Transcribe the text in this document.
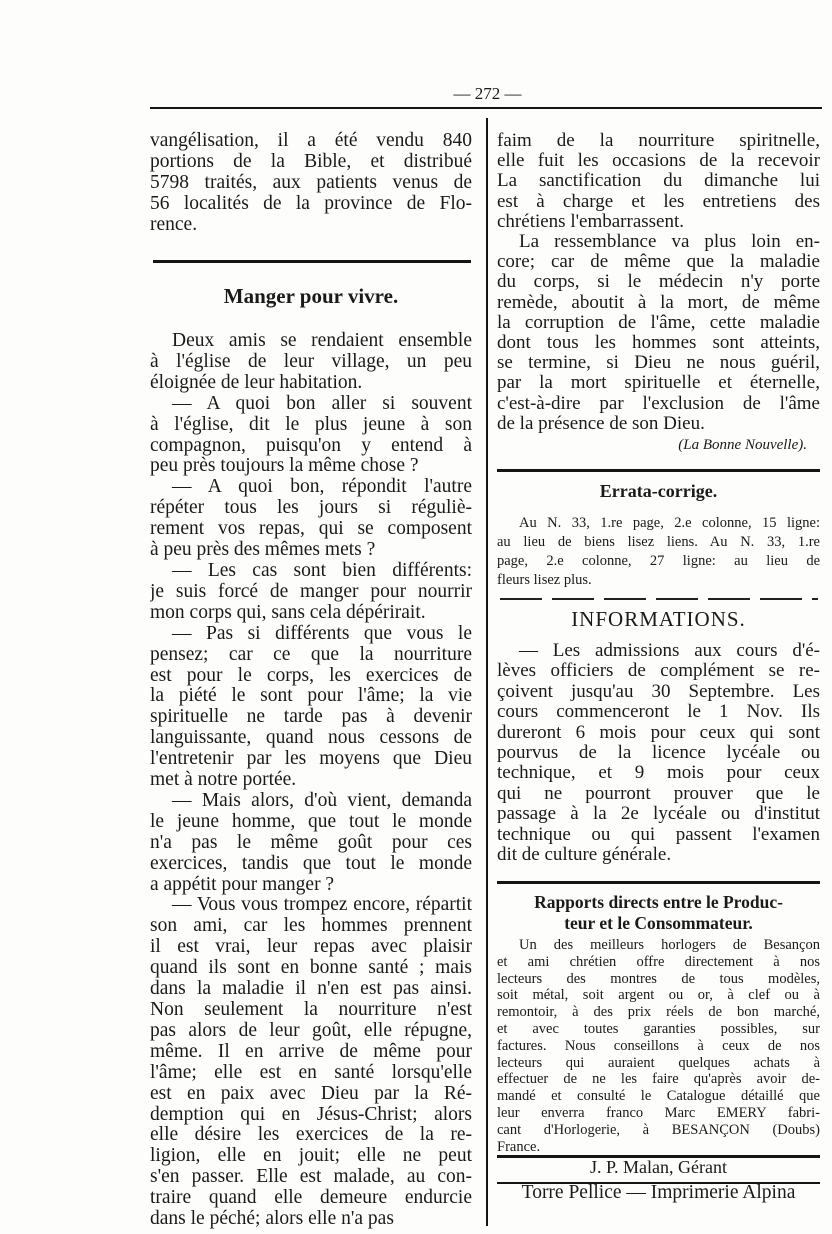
— 272 —
vangélisation, il a été vendu 840
portions de la Bible, et distribué
5798 traités, aux patients venus de
56 localités de la province de Flo-
rence.
Manger pour vivre.
Deux amis se rendaient ensemble
à l'église de leur village, un peu
éloignée de leur habitation.
— A quoi bon aller si souvent
à l'église, dit le plus jeune à son
compagnon, puisqu'on y entend à
peu près toujours la même chose ?
— A quoi bon, répondit l'autre
répéter tous les jours si réguliè-
rement vos repas, qui se composent
à peu près des mêmes mets ?
— Les cas sont bien différents:
je suis forcé de manger pour nourrir
mon corps qui, sans cela dépérirait.
— Pas si différents que vous le
pensez; car ce que la nourriture
est pour le corps, les exercices de
la piété le sont pour l'âme; la vie
spirituelle ne tarde pas à devenir
languissante, quand nous cessons de
l'entretenir par les moyens que Dieu
met à notre portée.
— Mais alors, d'où vient, demanda
le jeune homme, que tout le monde
n'a pas le même goût pour ces
exercices, tandis que tout le monde
a appétit pour manger ?
— Vous vous trompez encore, répartit
son ami, car les hommes prennent
il est vrai, leur repas avec plaisir
quand ils sont en bonne santé ; mais
dans la maladie il n'en est pas ainsi.
Non seulement la nourriture n'est
pas alors de leur goût, elle répugne,
même. Il en arrive de même pour
l'âme; elle est en santé lorsqu'elle
est en paix avec Dieu par la Ré-
demption qui en Jésus-Christ; alors
elle désire les exercices de la re-
ligion, elle en jouit; elle ne peut
s'en passer. Elle est malade, au con-
traire quand elle demeure endurcie
dans le péché; alors elle n'a pas
faim de la nourriture spiritnelle,
elle fuit les occasions de la recevoir
La sanctification du dimanche lui
est à charge et les entretiens des
chrétiens l'embarrassent.
La ressemblance va plus loin en-
core; car de même que la maladie
du corps, si le médecin n'y porte
remède, aboutit à la mort, de même
la corruption de l'âme, cette maladie
dont tous les hommes sont atteints,
se termine, si Dieu ne nous guéril,
par la mort spirituelle et éternelle,
c'est-à-dire par l'exclusion de l'âme
de la présence de son Dieu.
(La Bonne Nouvelle).
Errata-corrige.
Au N. 33, 1.re page, 2.e colonne, 15 ligne:
au lieu de biens lisez liens. Au N. 33, 1.re
page, 2.e colonne, 27 ligne: au lieu de
fleurs lisez plus.
INFORMATIONS.
— Les admissions aux cours d'é-
lèves officiers de complément se re-
çoivent jusqu'au 30 Septembre. Les
cours commenceront le 1 Nov. Ils
dureront 6 mois pour ceux qui sont
pourvus de la licence lycéale ou
technique, et 9 mois pour ceux
qui ne pourront prouver que le
passage à la 2e lycéale ou d'institut
technique ou qui passent l'examen
dit de culture générale.
Rapports directs entre le Produc-
teur et le Consommateur.
Un des meilleurs horlogers de Besançon
et ami chrétien offre directement à nos
lecteurs des montres de tous modèles,
soit métal, soit argent ou or, à clef ou à
remontoir, à des prix réels de bon marché,
et avec toutes garanties possibles, sur
factures. Nous conseillons à ceux de nos
lecteurs qui auraient quelques achats à
effectuer de ne les faire qu'après avoir de-
mandé et consulté le Catalogue détaillé que
leur enverra franco Marc EMERY fabri-
cant d'Horlogerie, à BESANÇON (Doubs)
France.
J. P. Malan, Gérant
Torre Pellice — Imprimerie Alpina
